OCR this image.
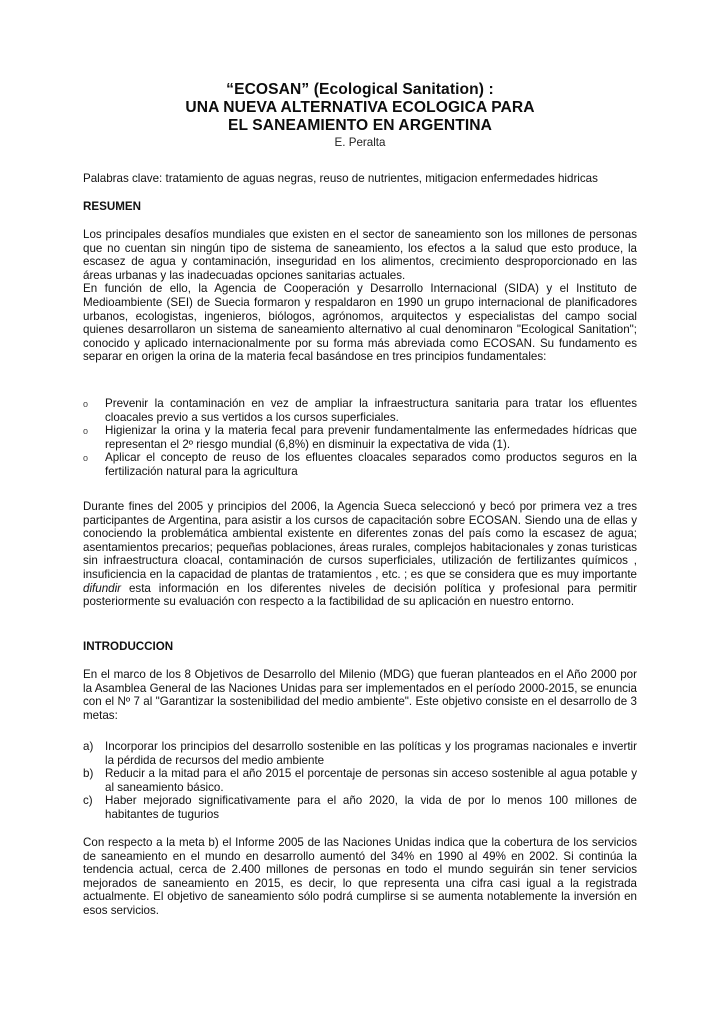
“ECOSAN” (Ecological Sanitation) :
UNA NUEVA ALTERNATIVA ECOLOGICA PARA
EL SANEAMIENTO EN ARGENTINA
E. Peralta
Palabras clave: tratamiento de aguas negras, reuso de nutrientes, mitigacion enfermedades hidricas
RESUMEN

Los principales desafíos mundiales que existen en el sector de saneamiento son los millones de personas que no cuentan sin ningún tipo de sistema de saneamiento, los efectos a la salud que esto produce, la escasez de agua y contaminación, inseguridad en los alimentos, crecimiento desproporcionado en las áreas urbanas y las inadecuadas opciones sanitarias actuales.

En función de ello, la Agencia de Cooperación y Desarrollo Internacional (SIDA) y el Instituto de Medioambiente (SEI) de Suecia formaron y respaldaron en 1990 un grupo internacional de planificadores urbanos, ecologistas, ingenieros, biólogos, agrónomos, arquitectos y especialistas del campo social quienes desarrollaron un sistema de saneamiento alternativo al cual denominaron "Ecological Sanitation"; conocido y aplicado internacionalmente por su forma más abreviada como ECOSAN. Su fundamento es separar en origen la orina de la materia fecal basándose en tres principios fundamentales:

o	Prevenir la contaminación en vez de ampliar la infraestructura sanitaria para tratar los efluentes cloacales previo a sus vertidos a los cursos superficiales.
o	Higienizar la orina y la materia fecal para prevenir fundamentalmente las enfermedades hídricas que representan el 2º riesgo mundial (6,8%) en disminuir la expectativa de vida (1).
o	Aplicar el concepto de reuso de los efluentes cloacales separados como productos seguros en la fertilización natural para la agricultura

Durante fines del 2005 y principios del 2006, la Agencia Sueca seleccionó y becó por primera vez a tres participantes de Argentina, para asistir a los cursos de capacitación sobre ECOSAN. Siendo una de ellas y conociendo la problemática ambiental existente en diferentes zonas del país como la escasez de agua; asentamientos precarios; pequeñas poblaciones, áreas rurales, complejos habitacionales y zonas turisticas sin infraestructura cloacal, contaminación de cursos superficiales, utilización de fertilizantes químicos , insuficiencia en la capacidad de plantas de tratamientos , etc. ; es que se considera que es muy importante difundir esta información en los diferentes niveles de decisión política y profesional para permitir posteriormente su evaluación con respecto a la factibilidad de su aplicación en nuestro entorno.

INTRODUCCION
En el marco de los 8 Objetivos de Desarrollo del Milenio (MDG) que fueran planteados en el Año 2000 por la Asamblea General de las Naciones Unidas para ser implementados en el período 2000-2015, se enuncia con el Nº 7 al "Garantizar la sostenibilidad del medio ambiente". Este objetivo consiste en el desarrollo de 3 metas:
a)	Incorporar los principios del desarrollo sostenible en las políticas y los programas nacionales e invertir la pérdida de recursos del medio ambiente
b)	Reducir a la mitad para el año 2015 el porcentaje de personas sin acceso sostenible al agua potable y al saneamiento básico.
c)	Haber mejorado significativamente para el año 2020, la vida de por lo menos 100 millones de habitantes de tugurios
Con respecto a la meta b) el Informe 2005 de las Naciones Unidas indica que la cobertura de los servicios de saneamiento en el mundo en desarrollo aumentó del 34% en 1990 al 49% en 2002. Si continúa la tendencia actual, cerca de 2.400 millones de personas en todo el mundo seguirán sin tener servicios mejorados de saneamiento en 2015, es decir, lo que representa una cifra casi igual a la registrada actualmente. El objetivo de saneamiento sólo podrá cumplirse si se aumenta notablemente la inversión en esos servicios.
